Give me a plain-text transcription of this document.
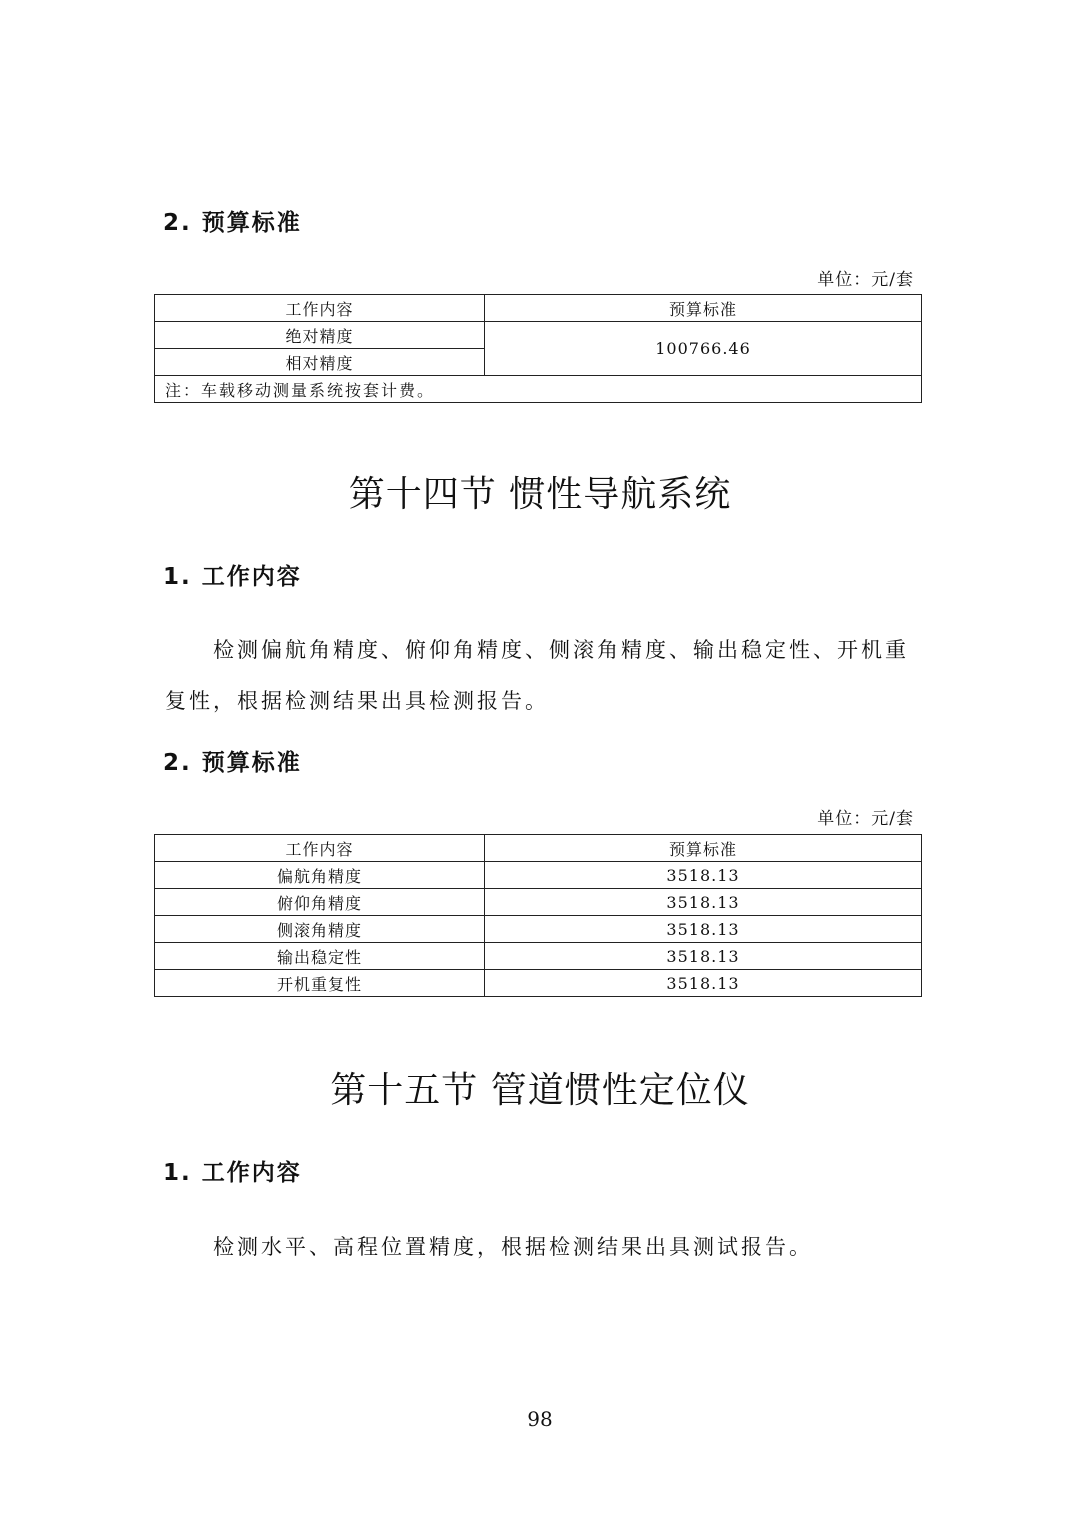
2. 预算标准
单位：元/套
工作内容	预算标准
绝对精度	100766.46
相对精度	
注：车载移动测量系统按套计费。	
第十四节 惯性导航系统
1. 工作内容
检测偏航角精度、俯仰角精度、侧滚角精度、输出稳定性、开机重复性，根据检测结果出具检测报告。
2. 预算标准
单位：元/套
工作内容	预算标准
偏航角精度	3518.13
俯仰角精度	3518.13
侧滚角精度	3518.13
输出稳定性	3518.13
开机重复性	3518.13
第十五节 管道惯性定位仪
1. 工作内容
检测水平、高程位置精度，根据检测结果出具测试报告。
98
